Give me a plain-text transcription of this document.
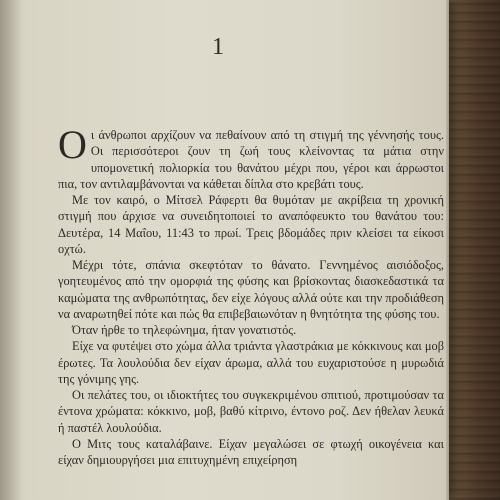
1

Οι άνθρωποι αρχίζουν να πεθαίνουν από τη στιγμή της γέννησής τους. Οι περισσότεροι ζουν τη ζωή τους κλείνοντας τα μάτια στην υπομονετική πολιορκία του θανάτου μέχρι που, γέροι και άρρωστοι πια, τον αντιλαμβάνονται να κάθεται δίπλα στο κρεβάτι τους.

Με τον καιρό, ο Μίτσελ Ράφερτι θα θυμόταν με ακρίβεια τη χρονική στιγμή που άρχισε να συνειδητοποιεί το αναπόφευκτο του θανάτου του: Δευτέρα, 14 Μαΐου, 11:43 το πρωί. Τρεις βδομάδες πριν κλείσει τα είκοσι οχτώ.

Μέχρι τότε, σπάνια σκεφτόταν το θάνατο. Γεννημένος αισιόδοξος, γοητευμένος από την ομορφιά της φύσης και βρίσκοντας διασκεδαστικά τα καμώματα της ανθρωπότητας, δεν είχε λόγους αλλά ούτε και την προδιάθεση να αναρωτηθεί πότε και πώς θα επιβεβαιωνόταν η θνητότητα της φύσης του.

Όταν ήρθε το τηλεφώνημα, ήταν γονατιστός.

Είχε να φυτέψει στο χώμα άλλα τριάντα γλαστράκια με κόκκινους και μοβ έρωτες. Τα λουλούδια δεν είχαν άρωμα, αλλά του ευχαριστούσε η μυρωδιά της γόνιμης γης.

Οι πελάτες του, οι ιδιοκτήτες του συγκεκριμένου σπιτιού, προτιμούσαν τα έντονα χρώματα: κόκκινο, μοβ, βαθύ κίτρινο, έντονο ροζ. Δεν ήθελαν λευκά ή παστέλ λουλούδια.

Ο Μιτς τους καταλάβαινε. Είχαν μεγαλώσει σε φτωχή οικογένεια και είχαν δημιουργήσει μια επιτυχημένη επιχείρηση
